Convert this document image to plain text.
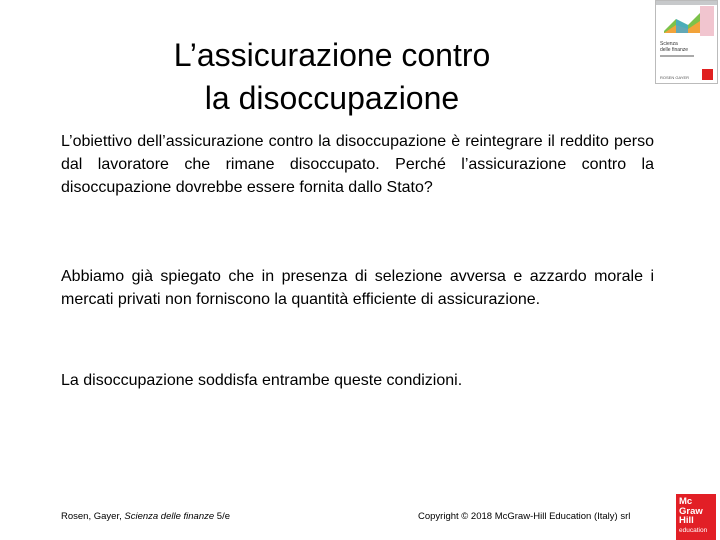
L’assicurazione contro
la disoccupazione
Scienza
delle finanze
ROSEN GAYER
L’obiettivo dell’assicurazione contro la disoccupazione è reintegrare il reddito perso dal lavoratore che rimane disoccupato. Perché l’assicurazione contro la disoccupazione dovrebbe essere fornita dallo Stato?
Abbiamo già spiegato che in presenza di selezione avversa e azzardo morale i mercati privati non forniscono la quantità efficiente di assicurazione.
La disoccupazione soddisfa entrambe queste condizioni.
Rosen, Gayer, Scienza delle finanze 5/e	Copyright © 2018 McGraw-Hill Education (Italy) srl
Mc
Graw
Hill
education
